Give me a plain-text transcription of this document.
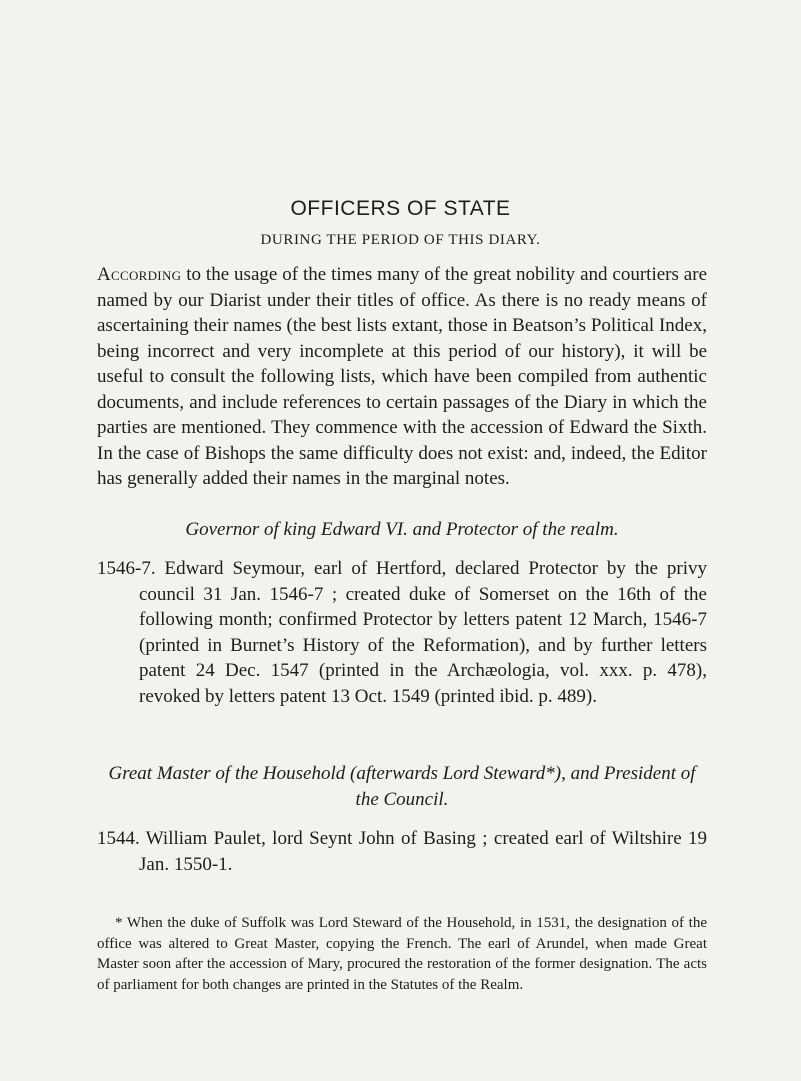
OFFICERS OF STATE

DURING THE PERIOD OF THIS DIARY.

According to the usage of the times many of the great nobility and courtiers are named by our Diarist under their titles of office. As there is no ready means of ascertaining their names (the best lists extant, those in Beatson’s Political Index, being incorrect and very incomplete at this period of our history), it will be useful to consult the following lists, which have been compiled from authentic documents, and include references to certain passages of the Diary in which the parties are mentioned. They commence with the accession of Edward the Sixth. In the case of Bishops the same difficulty does not exist: and, indeed, the Editor has generally added their names in the marginal notes.

Governor of king Edward VI. and Protector of the realm.

1546-7. Edward Seymour, earl of Hertford, declared Protector by the privy council 31 Jan. 1546-7 ; created duke of Somerset on the 16th of the following month; confirmed Protector by letters patent 12 March, 1546-7 (printed in Burnet’s History of the Reformation), and by further letters patent 24 Dec. 1547 (printed in the Archæologia, vol. xxx. p. 478), revoked by letters patent 13 Oct. 1549 (printed ibid. p. 489).

Great Master of the Household (afterwards Lord Steward*), and President of the Council.

1544. William Paulet, lord Seynt John of Basing ; created earl of Wiltshire 19 Jan. 1550-1.

* When the duke of Suffolk was Lord Steward of the Household, in 1531, the designation of the office was altered to Great Master, copying the French. The earl of Arundel, when made Great Master soon after the accession of Mary, procured the restoration of the former designation. The acts of parliament for both changes are printed in the Statutes of the Realm.
